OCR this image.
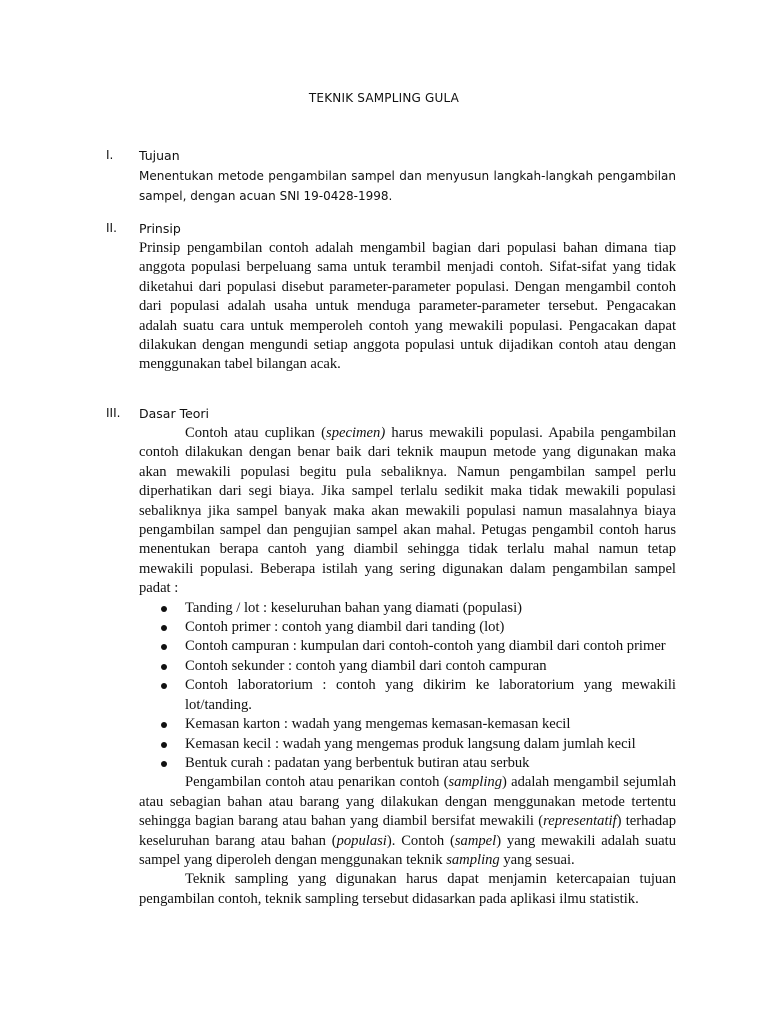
TEKNIK SAMPLING GULA
I. Tujuan

Menentukan metode pengambilan sampel dan menyusun langkah-langkah pengambilan sampel, dengan acuan SNI 19-0428-1998.

II. Prinsip

Prinsip pengambilan contoh adalah mengambil bagian dari populasi bahan dimana tiap anggota populasi berpeluang sama untuk terambil menjadi contoh. Sifat-sifat yang tidak diketahui dari populasi disebut parameter-parameter populasi. Dengan mengambil contoh dari populasi adalah usaha untuk menduga parameter-parameter tersebut. Pengacakan adalah suatu cara untuk memperoleh contoh yang mewakili populasi. Pengacakan dapat dilakukan dengan mengundi setiap anggota populasi untuk dijadikan contoh atau dengan menggunakan tabel bilangan acak.

III. Dasar Teori

Contoh atau cuplikan (specimen) harus mewakili populasi. Apabila pengambilan contoh dilakukan dengan benar baik dari teknik maupun metode yang digunakan maka akan mewakili populasi begitu pula sebaliknya. Namun pengambilan sampel perlu diperhatikan dari segi biaya. Jika sampel terlalu sedikit maka tidak mewakili populasi sebaliknya jika sampel banyak maka akan mewakili populasi namun masalahnya biaya pengambilan sampel dan pengujian sampel akan mahal. Petugas pengambil contoh harus menentukan berapa cantoh yang diambil sehingga tidak terlalu mahal namun tetap mewakili populasi. Beberapa istilah yang sering digunakan dalam pengambilan sampel padat :

Tanding / lot : keseluruhan bahan yang diamati (populasi)
Contoh primer : contoh yang diambil dari tanding (lot)
Contoh campuran : kumpulan dari contoh-contoh yang diambil dari contoh primer
Contoh sekunder : contoh yang diambil dari contoh campuran
Contoh laboratorium : contoh yang dikirim ke laboratorium yang mewakili lot/tanding.
Kemasan karton : wadah yang mengemas kemasan-kemasan kecil
Kemasan kecil : wadah yang mengemas produk langsung dalam jumlah kecil
Bentuk curah : padatan yang berbentuk butiran atau serbuk

Pengambilan contoh atau penarikan contoh (sampling) adalah mengambil sejumlah atau sebagian bahan atau barang yang dilakukan dengan menggunakan metode tertentu sehingga bagian barang atau bahan yang diambil bersifat mewakili (representatif) terhadap keseluruhan barang atau bahan (populasi). Contoh (sampel) yang mewakili adalah suatu sampel yang diperoleh dengan menggunakan teknik sampling yang sesuai.

Teknik sampling yang digunakan harus dapat menjamin ketercapaian tujuan pengambilan contoh, teknik sampling tersebut didasarkan pada aplikasi ilmu statistik.
